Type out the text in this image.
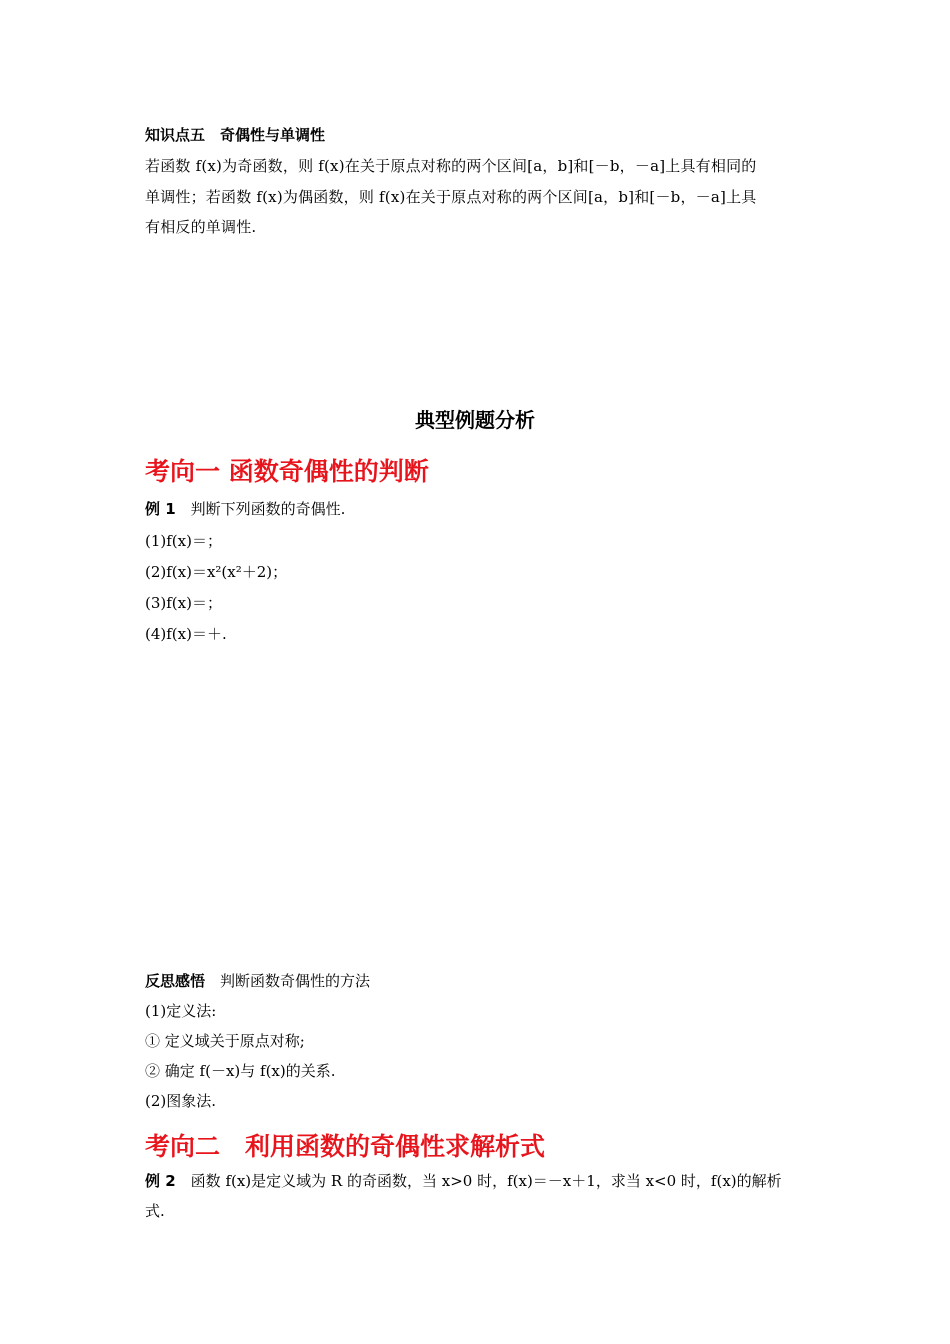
知识点五　奇偶性与单调性
若函数 f(x)为奇函数，则 f(x)在关于原点对称的两个区间[a，b]和[－b，－a]上具有相同的
单调性；若函数 f(x)为偶函数，则 f(x)在关于原点对称的两个区间[a，b]和[－b，－a]上具
有相反的单调性.
典型例题分析
考向一 函数奇偶性的判断
例 1　判断下列函数的奇偶性.
(1)f(x)＝；
(2)f(x)＝x²(x²＋2)；
(3)f(x)＝；
(4)f(x)＝＋.
反思感悟　判断函数奇偶性的方法
(1)定义法:
① 定义域关于原点对称;
② 确定 f(－x)与 f(x)的关系.
(2)图象法.
考向二　利用函数的奇偶性求解析式
例 2　函数 f(x)是定义域为 R 的奇函数，当 x>0 时，f(x)＝－x＋1，求当 x<0 时，f(x)的解析
式.
